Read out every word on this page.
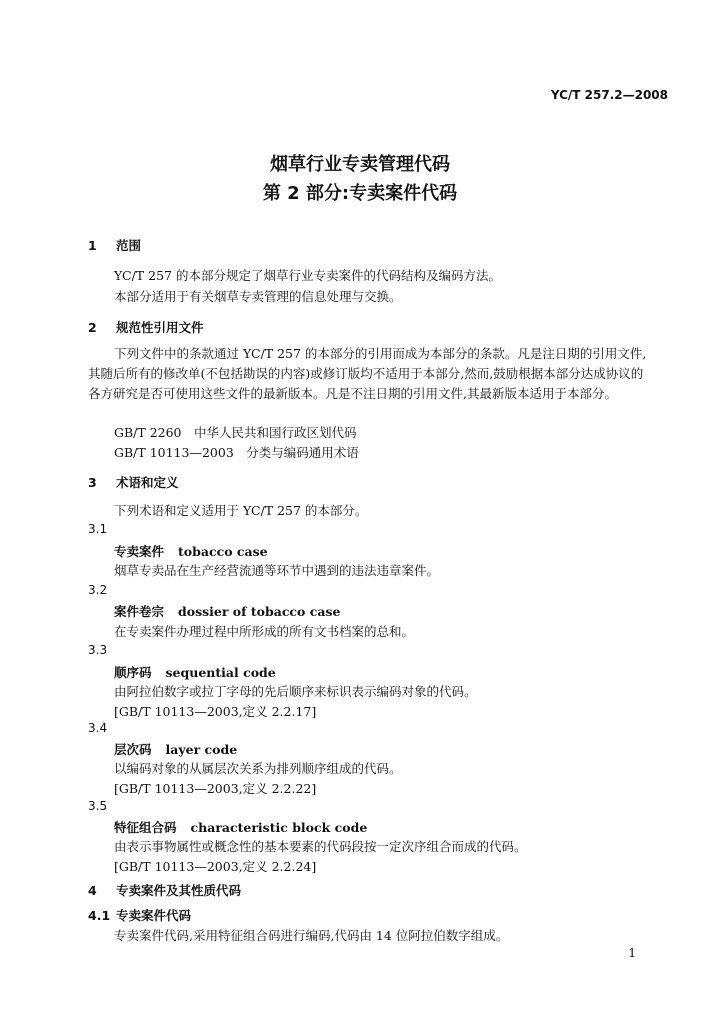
YC/T 257.2—2008
烟草行业专卖管理代码
第 2 部分:专卖案件代码
1 范围
YC/T 257 的本部分规定了烟草行业专卖案件的代码结构及编码方法。
本部分适用于有关烟草专卖管理的信息处理与交换。
2 规范性引用文件
下列文件中的条款通过 YC/T 257 的本部分的引用而成为本部分的条款。凡是注日期的引用文件,其随后所有的修改单(不包括勘误的内容)或修订版均不适用于本部分,然而,鼓励根据本部分达成协议的各方研究是否可使用这些文件的最新版本。凡是不注日期的引用文件,其最新版本适用于本部分。
GB/T 2260　中华人民共和国行政区划代码
GB/T 10113—2003　分类与编码通用术语
3 术语和定义
下列术语和定义适用于 YC/T 257 的本部分。
3.1
专卖案件 tobacco case
烟草专卖品在生产经营流通等环节中遇到的违法违章案件。
3.2
案件卷宗 dossier of tobacco case
在专卖案件办理过程中所形成的所有文书档案的总和。
3.3
顺序码 sequential code
由阿拉伯数字或拉丁字母的先后顺序来标识表示编码对象的代码。
[GB/T 10113—2003,定义 2.2.17]
3.4
层次码 layer code
以编码对象的从属层次关系为排列顺序组成的代码。
[GB/T 10113—2003,定义 2.2.22]
3.5
特征组合码 characteristic block code
由表示事物属性或概念性的基本要素的代码段按一定次序组合而成的代码。
[GB/T 10113—2003,定义 2.2.24]
4 专卖案件及其性质代码
4.1 专卖案件代码
专卖案件代码,采用特征组合码进行编码,代码由 14 位阿拉伯数字组成。
1
